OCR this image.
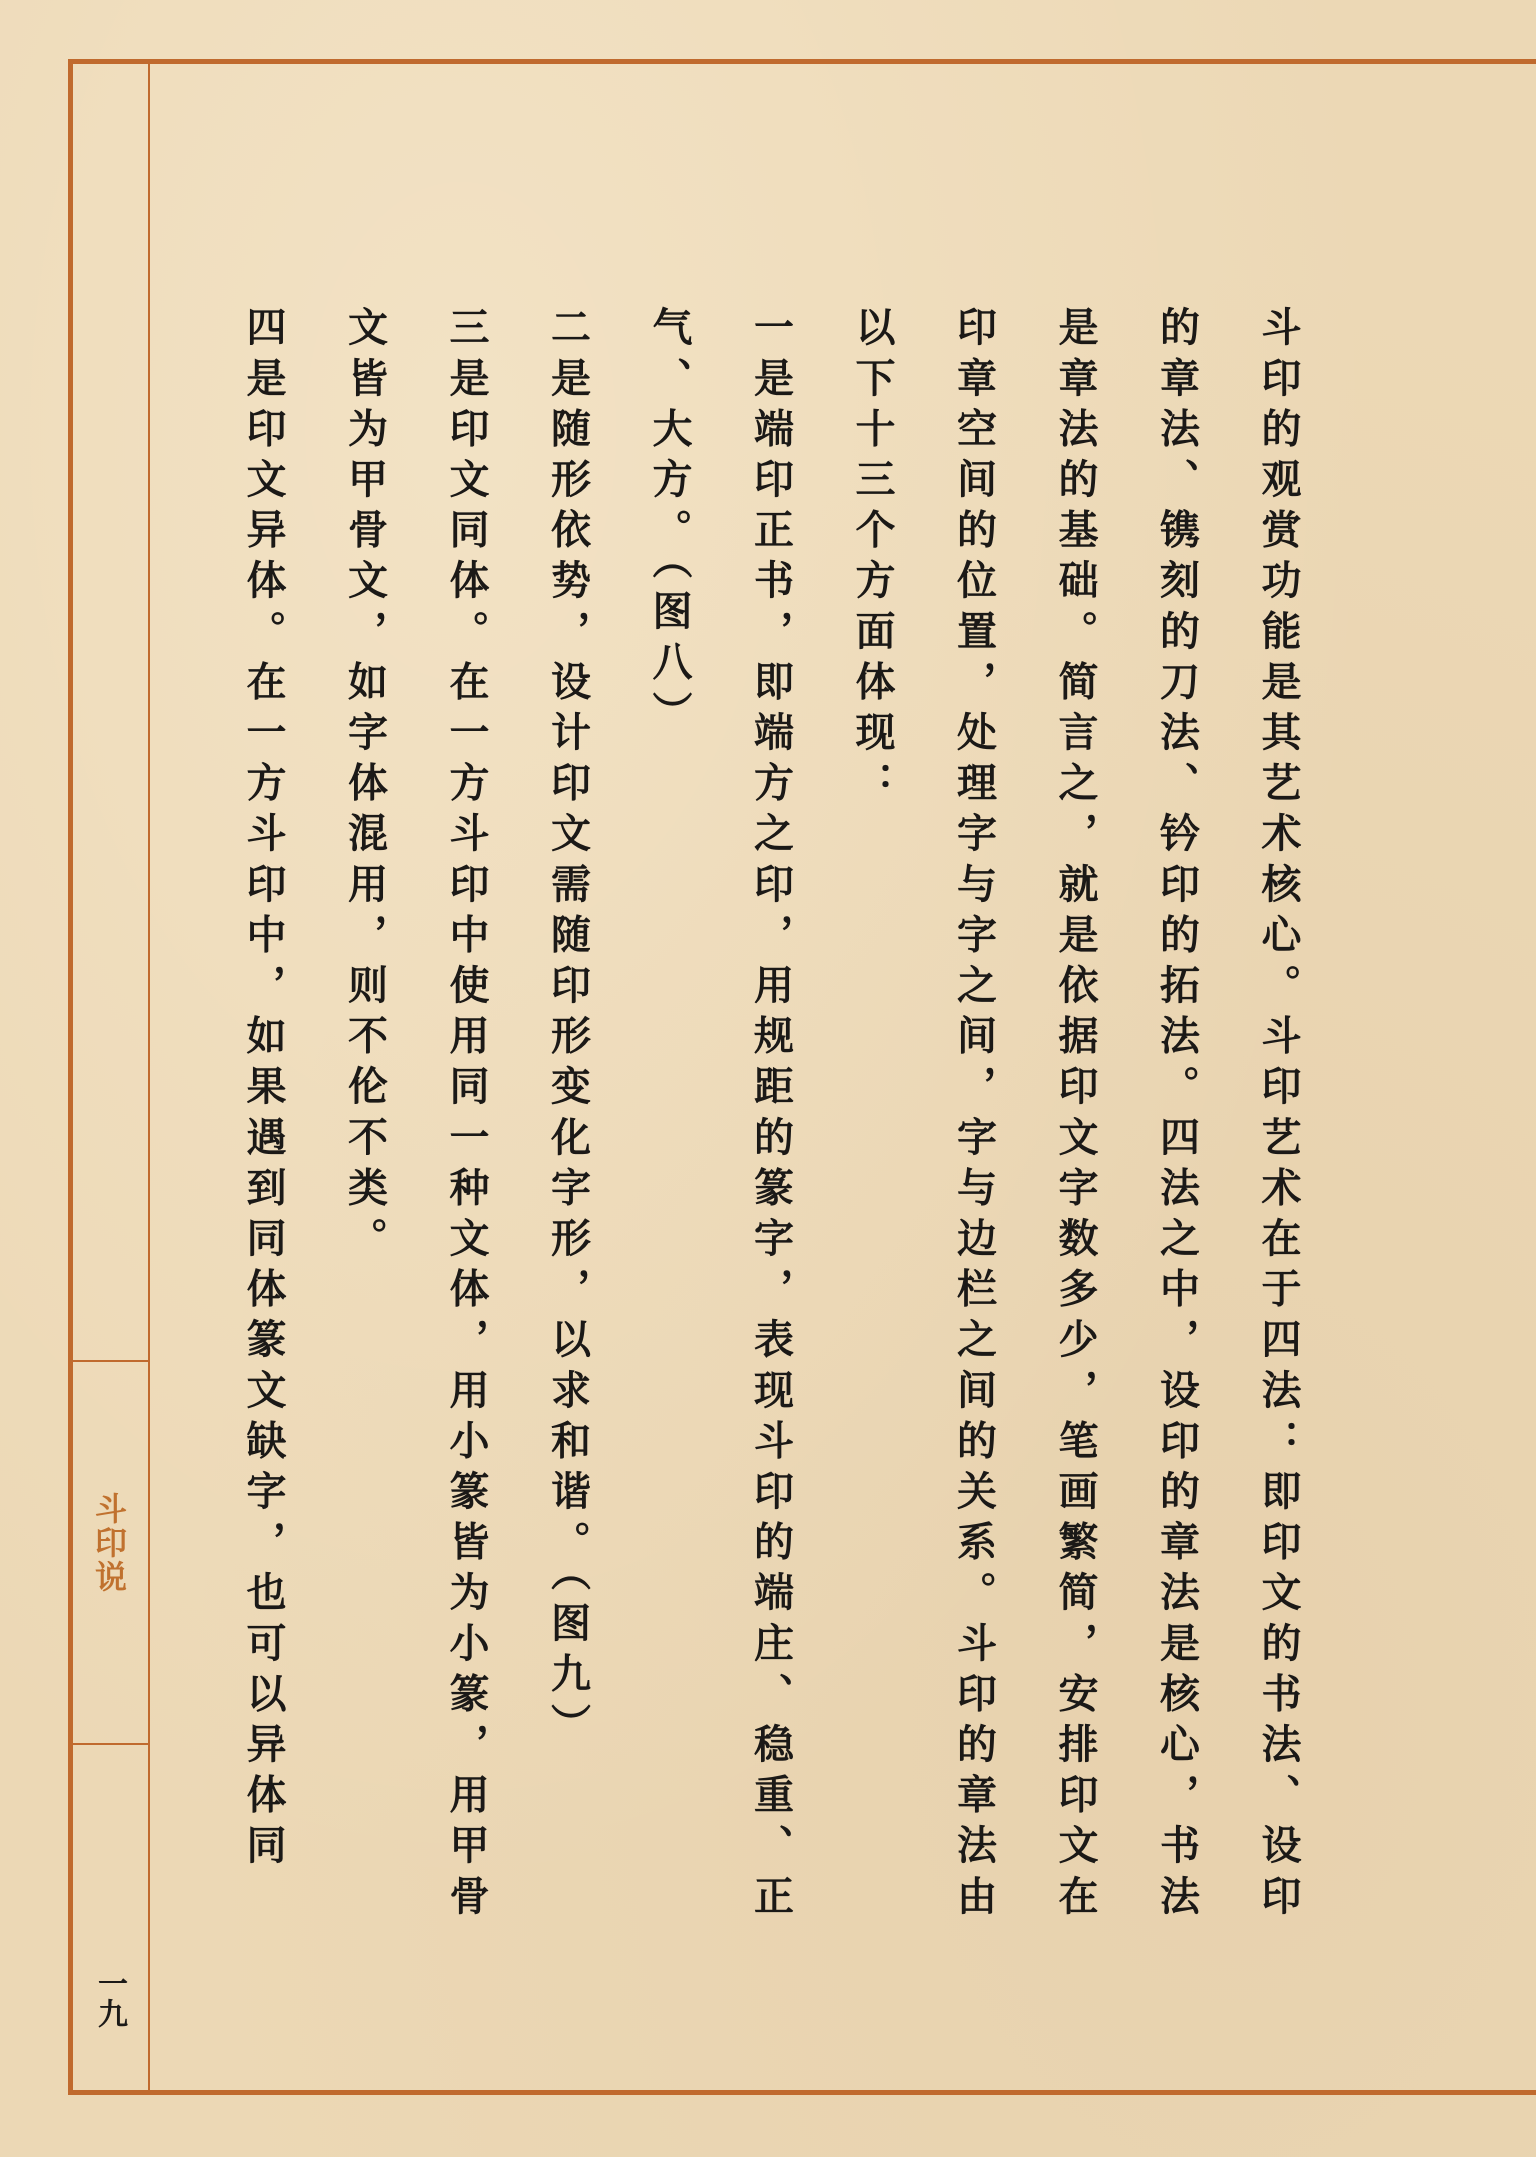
斗印说
一九

斗印的观赏功能是其艺术核心。斗印艺术在于四法：即印文的书法、设印的章法、镌刻的刀法、钤印的拓法。四法之中，设印的章法是核心，书法是章法的基础。简言之，就是依据印文字数多少，笔画繁简，安排印文在印章空间的位置，处理字与字之间，字与边栏之间的关系。斗印的章法由以下十三个方面体现：

一是端印正书，即端方之印，用规距的篆字，表现斗印的端庄、稳重、正气、大方。（图八）

二是随形依势，设计印文需随印形变化字形，以求和谐。（图九）

三是印文同体。在一方斗印中使用同一种文体，用小篆皆为小篆，用甲骨文皆为甲骨文，如字体混用，则不伦不类。

四是印文异体。在一方斗印中，如果遇到同体篆文缺字，也可以异体同
